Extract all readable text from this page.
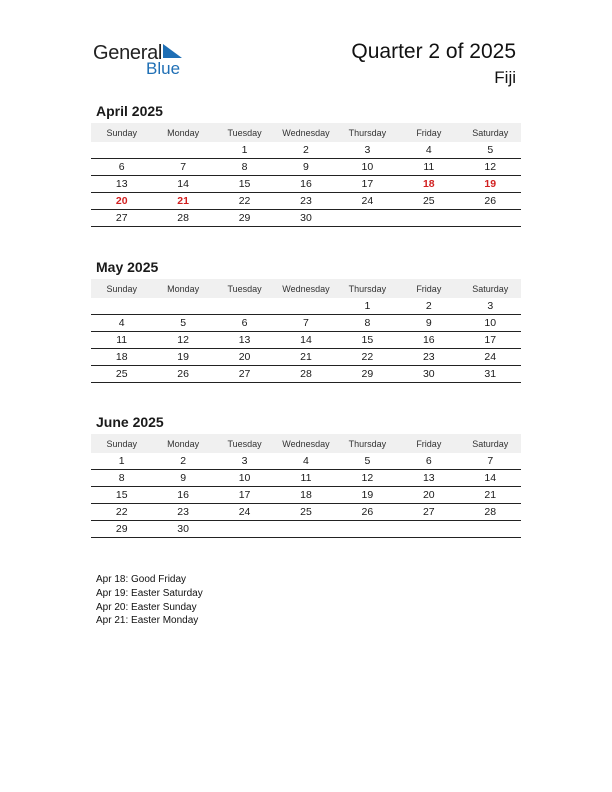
General
Blue
Quarter 2 of 2025
Fiji
April 2025
Sunday	Monday	Tuesday	Wednesday	Thursday	Friday	Saturday
		1	2	3	4	5
6	7	8	9	10	11	12
13	14	15	16	17	18	19
20	21	22	23	24	25	26
27	28	29	30			
May 2025
Sunday	Monday	Tuesday	Wednesday	Thursday	Friday	Saturday
				1	2	3
4	5	6	7	8	9	10
11	12	13	14	15	16	17
18	19	20	21	22	23	24
25	26	27	28	29	30	31
June 2025
Sunday	Monday	Tuesday	Wednesday	Thursday	Friday	Saturday
1	2	3	4	5	6	7
8	9	10	11	12	13	14
15	16	17	18	19	20	21
22	23	24	25	26	27	28
29	30					
Apr 18: Good Friday
Apr 19: Easter Saturday
Apr 20: Easter Sunday
Apr 21: Easter Monday
